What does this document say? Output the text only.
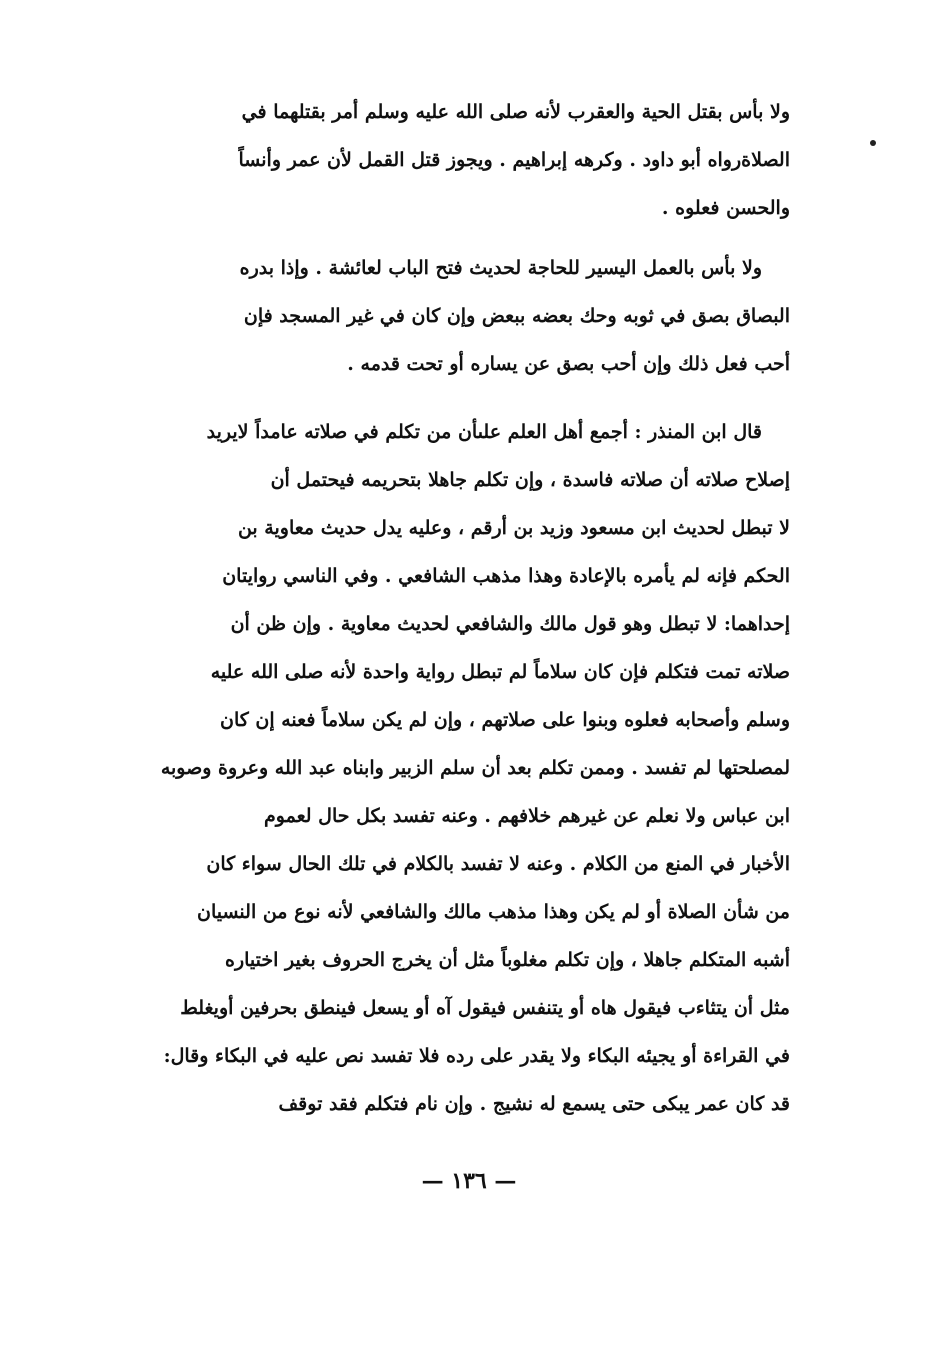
ولا بأس بقتل الحية والعقرب لأنه صلى الله عليه وسلم أمر بقتلهما في
الصلاةرواه أبو داود . وكرهه إبراهيم . ويجوز قتل القمل لأن عمر وأنساً
والحسن فعلوه .
ولا بأس بالعمل اليسير للحاجة لحديث فتح الباب لعائشة . وإذا بدره
البصاق بصق في ثوبه وحك بعضه ببعض وإن كان في غير المسجد فإن
أحب فعل ذلك وإن أحب بصق عن يساره أو تحت قدمه .
قال ابن المنذر : أجمع أهل العلم علىأن من تكلم في صلاته عامداً لايريد
إصلاح صلاته أن صلاته فاسدة ، وإن تكلم جاهلا بتحريمه فيحتمل أن
لا تبطل لحديث ابن مسعود وزيد بن أرقم ، وعليه يدل حديث معاوية بن
الحكم فإنه لم يأمره بالإعادة وهذا مذهب الشافعي . وفي الناسي روايتان
إحداهما: لا تبطل وهو قول مالك والشافعي لحديث معاوية . وإن ظن أن
صلاته تمت فتكلم فإن كان سلاماً لم تبطل رواية واحدة لأنه صلى الله عليه
وسلم وأصحابه فعلوه وبنوا على صلاتهم ، وإن لم يكن سلاماً فعنه إن كان
لمصلحتها لم تفسد . وممن تكلم بعد أن سلم الزبير وابناه عبد الله وعروة وصوبه
ابن عباس ولا نعلم عن غيرهم خلافهم . وعنه تفسد بكل حال لعموم
الأخبار في المنع من الكلام . وعنه لا تفسد بالكلام في تلك الحال سواء كان
من شأن الصلاة أو لم يكن وهذا مذهب مالك والشافعي لأنه نوع من النسيان
أشبه المتكلم جاهلا ، وإن تكلم مغلوباً مثل أن يخرج الحروف بغير اختياره
مثل أن يتثاءب فيقول هاه أو يتنفس فيقول آه أو يسعل فينطق بحرفين أويغلط
في القراءة أو يجيئه البكاء ولا يقدر على رده فلا تفسد نص عليه في البكاء وقال:
قد كان عمر يبكى حتى يسمع له نشيج . وإن نام فتكلم فقد توقف
— ١٣٦ —
